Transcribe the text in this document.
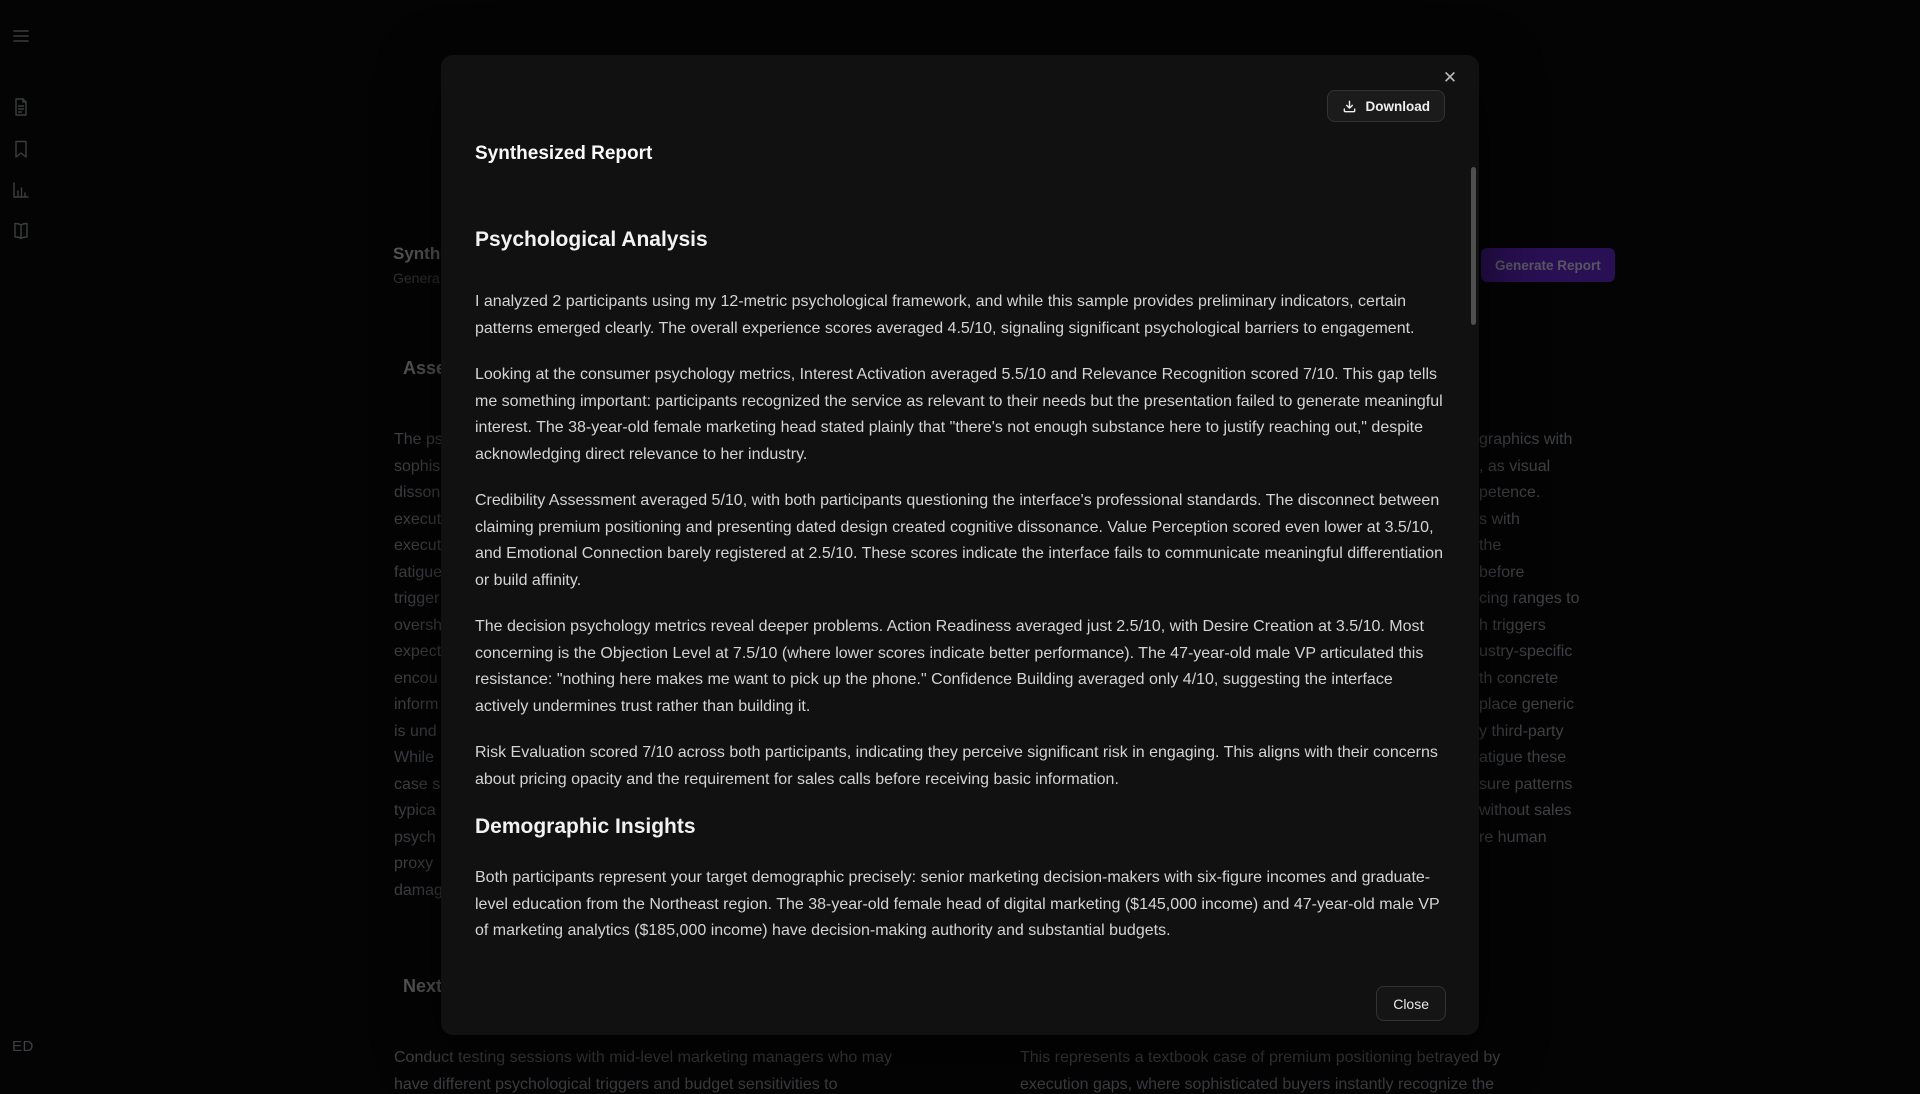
Synthesized Report
Download
✕
Psychological Analysis

I analyzed 2 participants using my 12-metric psychological framework, and while this sample provides preliminary indicators, certain patterns emerged clearly. The overall experience scores averaged 4.5/10, signaling significant psychological barriers to engagement.

Looking at the consumer psychology metrics, Interest Activation averaged 5.5/10 and Relevance Recognition scored 7/10. This gap tells me something important: participants recognized the service as relevant to their needs but the presentation failed to generate meaningful interest. The 38-year-old female marketing head stated plainly that "there's not enough substance here to justify reaching out," despite acknowledging direct relevance to her industry.

Credibility Assessment averaged 5/10, with both participants questioning the interface's professional standards. The disconnect between claiming premium positioning and presenting dated design created cognitive dissonance. Value Perception scored even lower at 3.5/10, and Emotional Connection barely registered at 2.5/10. These scores indicate the interface fails to communicate meaningful differentiation or build affinity.

The decision psychology metrics reveal deeper problems. Action Readiness averaged just 2.5/10, with Desire Creation at 3.5/10. Most concerning is the Objection Level at 7.5/10 (where lower scores indicate better performance). The 47-year-old male VP articulated this resistance: "nothing here makes me want to pick up the phone." Confidence Building averaged only 4/10, suggesting the interface actively undermines trust rather than building it.

Risk Evaluation scored 7/10 across both participants, indicating they perceive significant risk in engaging. This aligns with their concerns about pricing opacity and the requirement for sales calls before receiving basic information.

Demographic Insights

Both participants represent your target demographic precisely: senior marketing decision-makers with six-figure incomes and graduate-level education from the Northeast region. The 38-year-old female head of digital marketing ($145,000 income) and 47-year-old male VP of marketing analytics ($185,000 income) have decision-making authority and substantial budgets.

Close
